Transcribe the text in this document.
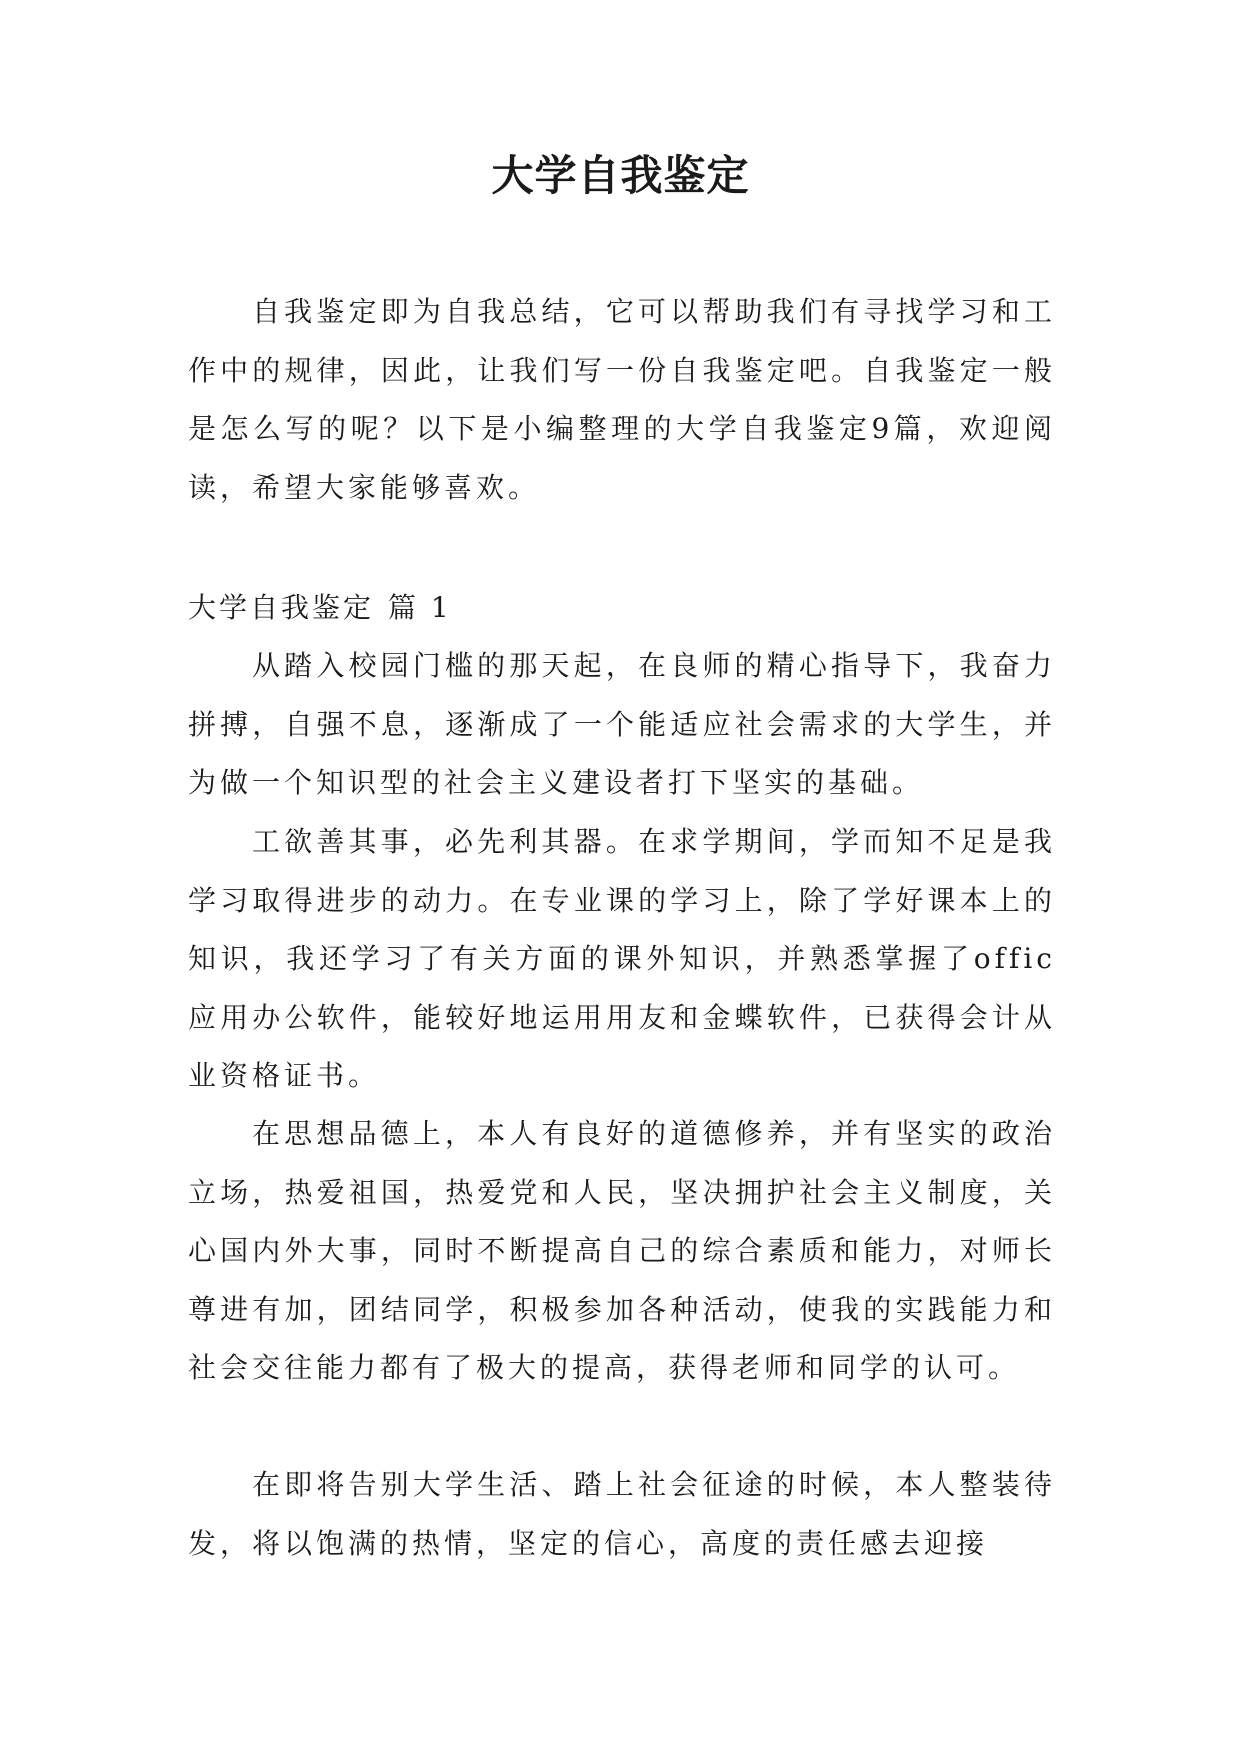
大学自我鉴定

自我鉴定即为自我总结，它可以帮助我们有寻找学习和工作中的规律，因此，让我们写一份自我鉴定吧。自我鉴定一般是怎么写的呢？以下是小编整理的大学自我鉴定9篇，欢迎阅读，希望大家能够喜欢。

大学自我鉴定 篇 1

从踏入校园门槛的那天起，在良师的精心指导下，我奋力拼搏，自强不息，逐渐成了一个能适应社会需求的大学生，并为做一个知识型的社会主义建设者打下坚实的基础。

工欲善其事，必先利其器。在求学期间，学而知不足是我学习取得进步的动力。在专业课的学习上，除了学好课本上的知识，我还学习了有关方面的课外知识，并熟悉掌握了offic应用办公软件，能较好地运用用友和金蝶软件，已获得会计从业资格证书。

在思想品德上，本人有良好的道德修养，并有坚实的政治立场，热爱祖国，热爱党和人民，坚决拥护社会主义制度，关心国内外大事，同时不断提高自己的综合素质和能力，对师长尊进有加，团结同学，积极参加各种活动，使我的实践能力和社会交往能力都有了极大的提高，获得老师和同学的认可。

在即将告别大学生活、踏上社会征途的时候，本人整装待发，将以饱满的热情，坚定的信心，高度的责任感去迎接
